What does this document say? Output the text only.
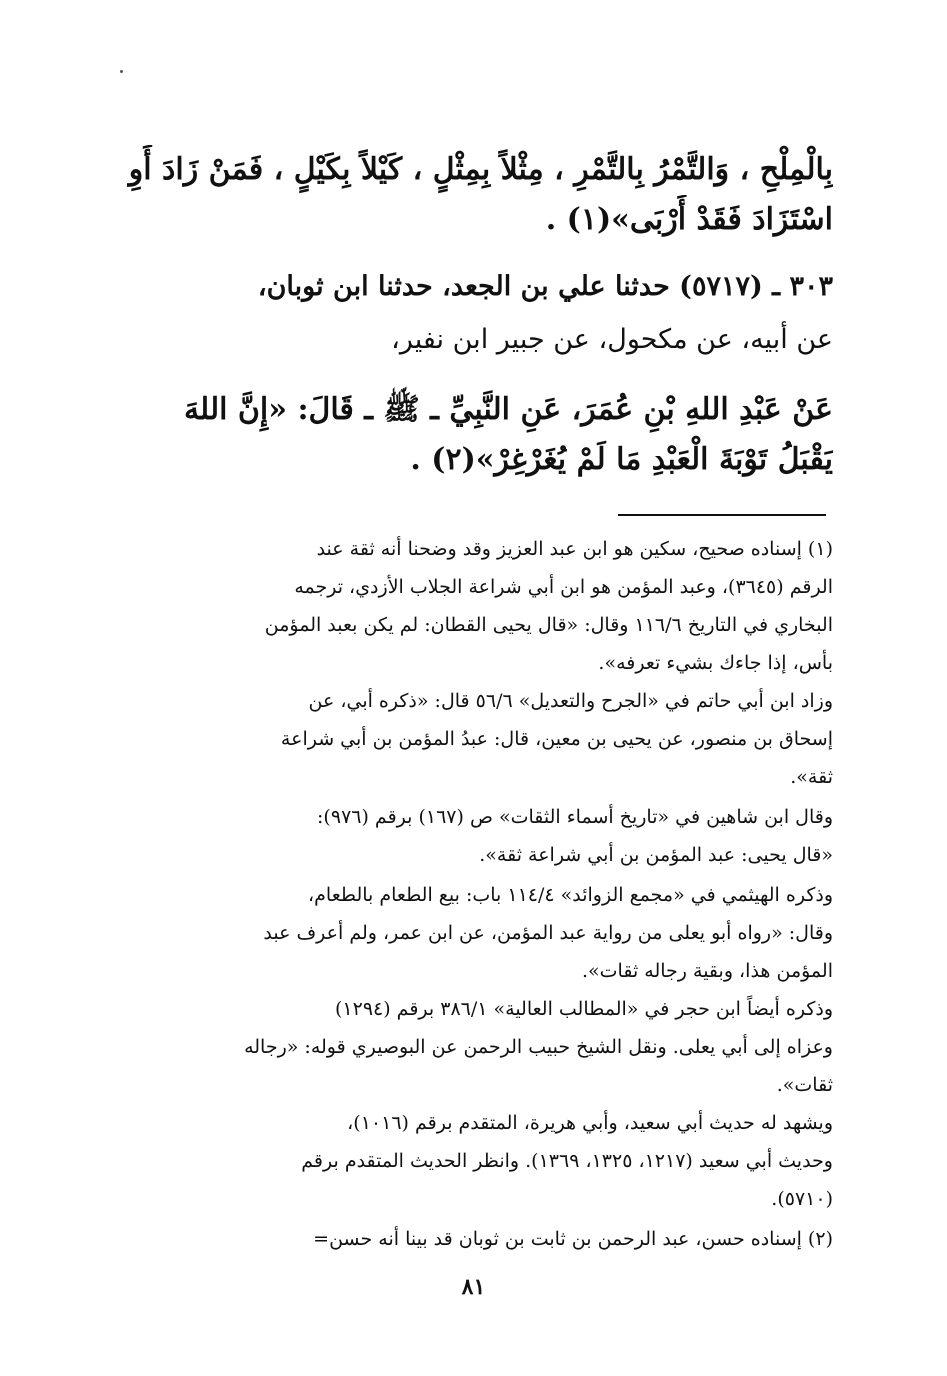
بِالْمِلْحِ ، وَالتَّمْرُ بِالتَّمْرِ ، مِثْلاً بِمِثْلٍ ، كَيْلاً بِكَيْلٍ ، فَمَنْ زَادَ أَوِ
اسْتَزَادَ فَقَدْ أَرْبَى»(١) .
٣٠٣ ـ (٥٧١٧) حدثنا علي بن الجعد، حدثنا ابن ثوبان،
عن أبيه، عن مكحول، عن جبير ابن نفير،
عَنْ عَبْدِ اللهِ بْنِ عُمَرَ، عَنِ النَّبِيِّ ـ ﷺ ـ قَالَ: «إِنَّ اللهَ
يَقْبَلُ تَوْبَةَ الْعَبْدِ مَا لَمْ يُغَرْغِرْ»(٢) .
(١) إسناده صحيح، سكين هو ابن عبد العزيز وقد وضحنا أنه ثقة عند
الرقم (٣٦٤٥)، وعبد المؤمن هو ابن أبي شراعة الجلاب الأزدي، ترجمه
البخاري في التاريخ ١١٦/٦ وقال: «قال يحيى القطان: لم يكن بعبد المؤمن
بأس، إذا جاءك بشيء تعرفه».
وزاد ابن أبي حاتم في «الجرح والتعديل» ٥٦/٦ قال: «ذكره أبي، عن
إسحاق بن منصور، عن يحيى بن معين، قال: عبدُ المؤمن بن أبي شراعة
ثقة».
وقال ابن شاهين في «تاريخ أسماء الثقات» ص (١٦٧) برقم (٩٧٦):
«قال يحيى: عبد المؤمن بن أبي شراعة ثقة».
وذكره الهيثمي في «مجمع الزوائد» ١١٤/٤ باب: بيع الطعام بالطعام،
وقال: «رواه أبو يعلى من رواية عبد المؤمن، عن ابن عمر، ولم أعرف عبد
المؤمن هذا، وبقية رجاله ثقات».
وذكره أيضاً ابن حجر في «المطالب العالية» ٣٨٦/١ برقم (١٢٩٤)
وعزاه إلى أبي يعلى. ونقل الشيخ حبيب الرحمن عن البوصيري قوله: «رجاله
ثقات».
ويشهد له حديث أبي سعيد، وأبي هريرة، المتقدم برقم (١٠١٦)،
وحديث أبي سعيد (١٢١٧، ١٣٢٥، ١٣٦٩). وانظر الحديث المتقدم برقم
(٥٧١٠).
(٢) إسناده حسن، عبد الرحمن بن ثابت بن ثوبان قد بينا أنه حسن=
٨١
